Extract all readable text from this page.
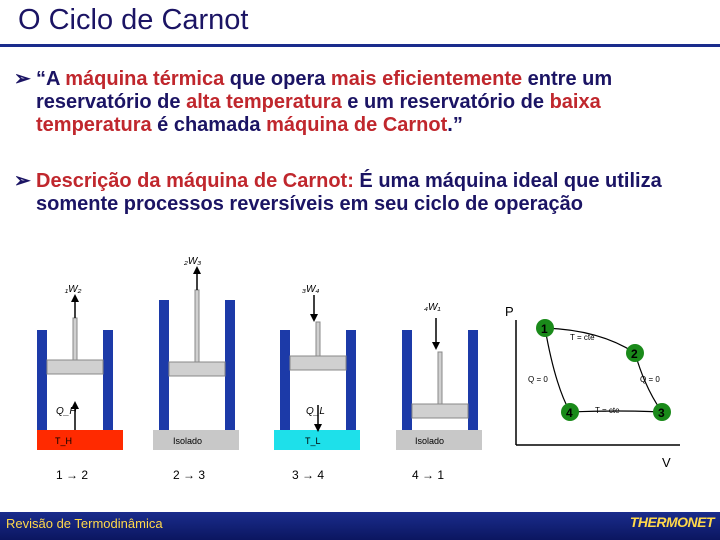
O Ciclo de Carnot
➢ “A máquina térmica que opera mais eficientemente entre um reservatório de alta temperatura e um reservatório de baixa temperatura é chamada máquina de Carnot.”
➢ Descrição da máquina de Carnot: É uma máquina ideal que utiliza somente processos reversíveis em seu ciclo de operação
₁W₂
Q_H
T_H
1 → 2
₂W₃
Isolado
2 → 3
₃W₄
Q_L
T_L
3 → 4
₄W₁
Isolado
4 → 1
P
V
1
2
3
4
T = cte
T = cte
Q = 0	Q = 0
Revisão de Termodinâmica	THERMONET
